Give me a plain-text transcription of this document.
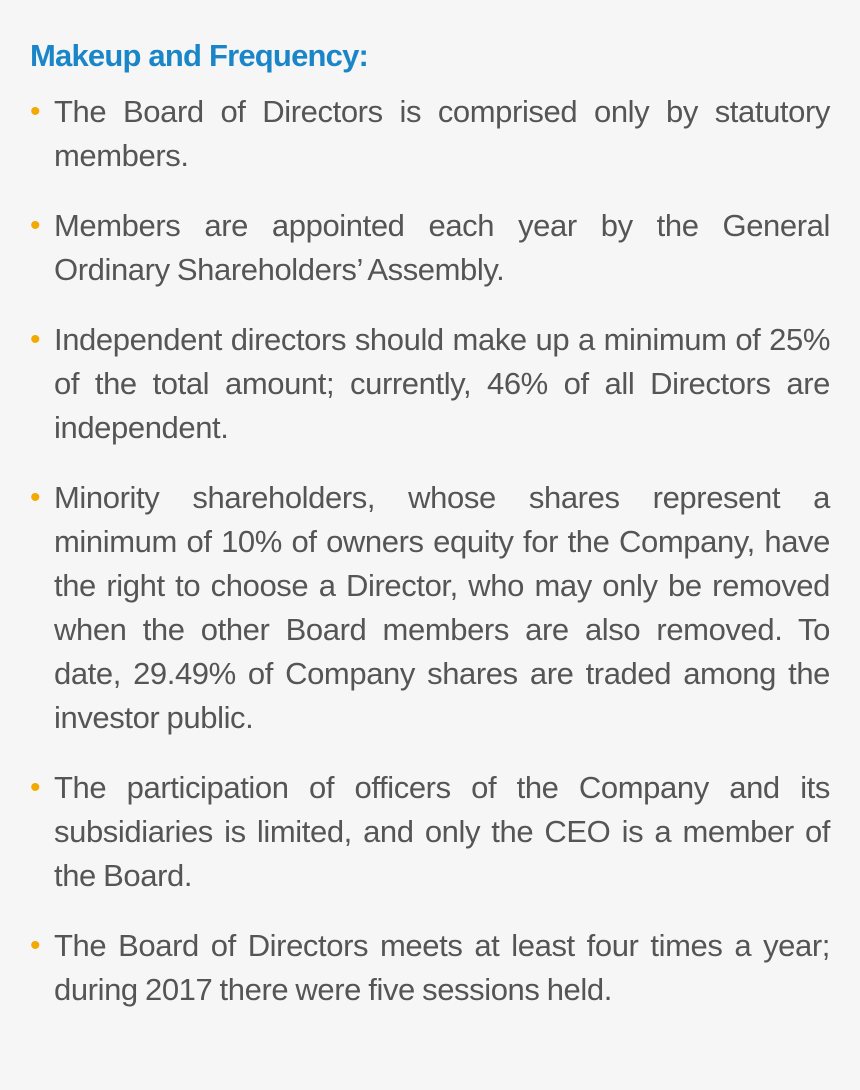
Makeup and Frequency:
• The Board of Directors is comprised only by statutory members.
• Members are appointed each year by the General Ordinary Shareholders’ Assembly.
• Independent directors should make up a minimum of 25% of the total amount; currently, 46% of all Directors are independent.
• Minority shareholders, whose shares represent a minimum of 10% of owners equity for the Company, have the right to choose a Director, who may only be removed when the other Board members are also removed. To date, 29.49% of Company shares are traded among the investor public.
• The participation of officers of the Company and its subsidiaries is limited, and only the CEO is a member of the Board.
• The Board of Directors meets at least four times a year; during 2017 there were five sessions held.
